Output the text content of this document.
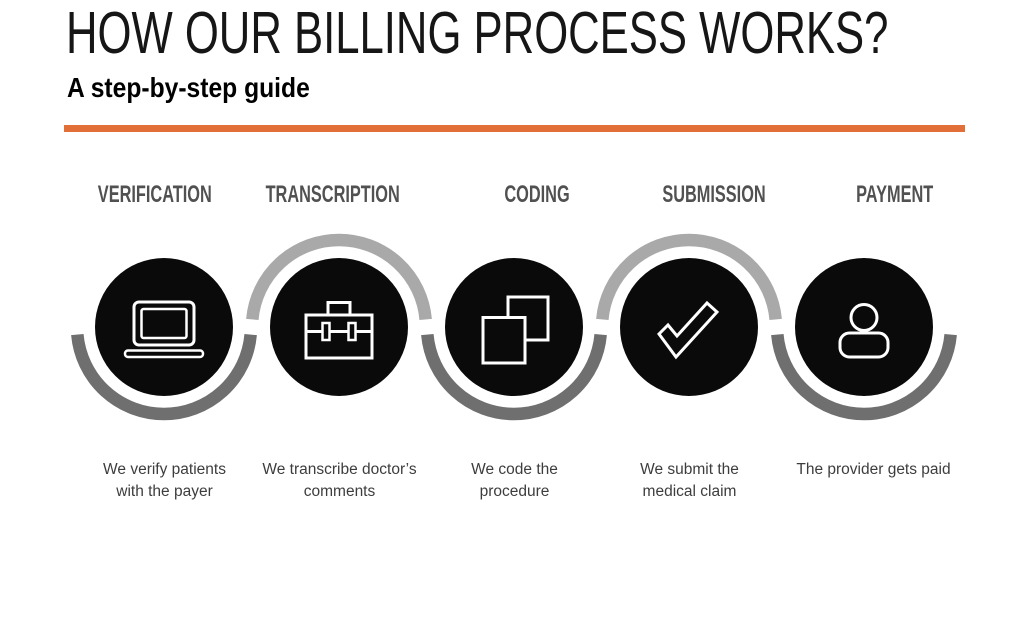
HOW OUR BILLING PROCESS WORKS?
A step-by-step guide
VERIFICATION TRANSCRIPTION	CODING	SUBMISSION	PAYMENT
We verify patients
with the payer
We transcribe doctor’s
comments
We code the
procedure
We submit the
medical claim
The provider gets paid
